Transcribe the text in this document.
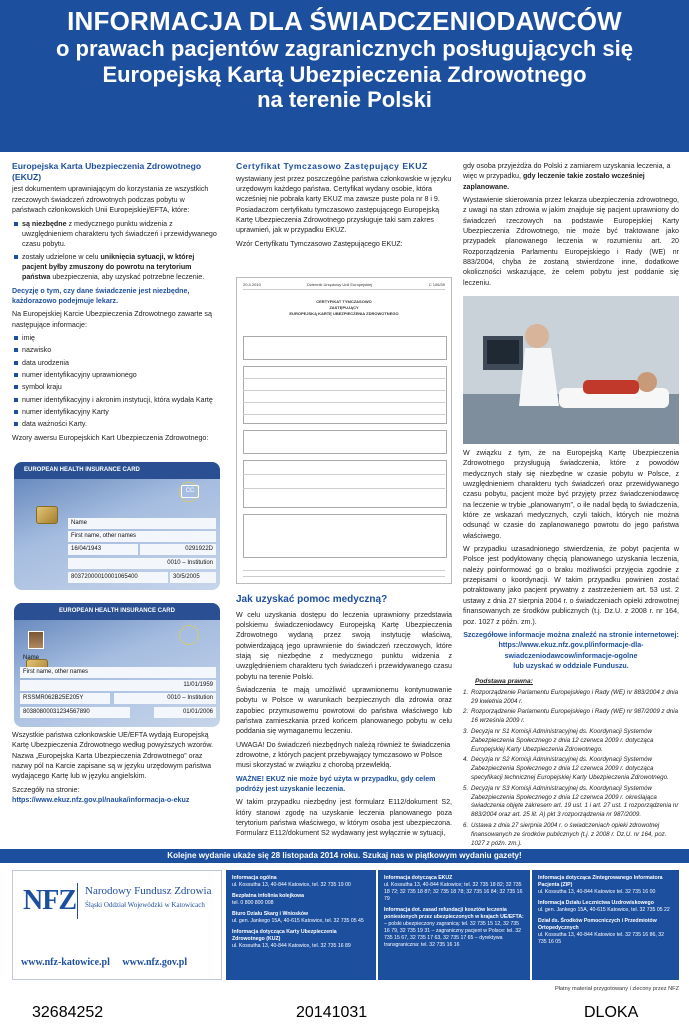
INFORMACJA DLA ŚWIADCZENIODAWCÓW
o prawach pacjentów zagranicznych posługujących się
Europejską Kartą Ubezpieczenia Zdrowotnego
na terenie Polski
Europejska Karta Ubezpieczenia Zdrowotnego (EKUZ)

jest dokumentem uprawniającym do korzystania ze wszystkich rzeczowych świadczeń zdrowotnych podczas pobytu w państwach członkowskich Unii Europejskiej/EFTA, które:

są niezbędne z medycznego punktu widzenia z uwzględnieniem charakteru tych świadczeń i przewidywanego czasu pobytu.
zostały udzielone w celu uniknięcia sytuacji, w której pacjent byłby zmuszony do powrotu na terytorium państwa ubezpieczenia, aby uzyskać potrzebne leczenie.

Decyzję o tym, czy dane świadczenie jest niezbędne, każdorazowo podejmuje lekarz.

Na Europejskiej Karcie Ubezpieczenia Zdrowotnego zawarte są następujące informacje:

imię
nazwisko
data urodzenia
numer identyfikacyjny uprawnionego
symbol kraju
numer identyfikacyjny i akronim instytucji, która wydała Kartę
numer identyfikacyjny Karty
data ważności Karty.

Wzory awersu Europejskich Kart Ubezpieczenia Zdrowotnego:

EUROPEAN HEALTH INSURANCE CARD
CC
Name
First name, other names
16/04/1943	0291922D
0010 – Institution
80372000010001065400	30/5/2005
EUROPEAN HEALTH INSURANCE CARD
Name
First name, other names
11/01/1959
RSSMR062B25E205Y	0010 – Institution
80380800031234567890	01/01/2006

Wszystkie państwa członkowskie UE/EFTA wydają Europejską Kartę Ubezpieczenia Zdrowotnego według powyższych wzorów. Nazwa „Europejska Karta Ubezpieczenia Zdrowotnego” oraz nazwy pól na Karcie zapisane są w języku urzędowym państwa wydającego Kartę lub w języku angielskim.

Szczegóły na stronie:

https://www.ekuz.nfz.gov.pl/nauka/informacja-o-ekuz

Certyfikat Tymczasowo Zastępujący EKUZ

wystawiany jest przez poszczególne państwa członkowskie w języku urzędowym każdego państwa. Certyfikat wydany osobie, która wcześniej nie pobrała karty EKUZ ma zawsze puste pola nr 8 i 9. Posiadaczom certyfikatu tymczasowo zastępującego Europejską Kartę Ubezpieczenia Zdrowotnego przysługuje taki sam zakres uprawnień, jak w przypadku EKUZ.

Wzór Certyfikatu Tymczasowo Zastępującego EKUZ:

20.4.2010	Dziennik Urzędowy Unii Europejskiej	C 106/39
CERTYFIKAT TYMCZASOWO
ZASTĘPUJĄCY
EUROPEJSKĄ KARTĘ UBEZPIECZENIA ZDROWOTNEGO
Jak uzyskać pomoc medyczną?

W celu uzyskania dostępu do leczenia uprawniony przedstawia polskiemu świadczeniodawcy Europejską Kartę Ubezpieczenia Zdrowotnego wydaną przez swoją instytucję właściwą, potwierdzającą jego uprawnienie do świadczeń rzeczowych, które stają się niezbędne z medycznego punktu widzenia z uwzględnieniem charakteru tych świadczeń i przewidywanego czasu pobytu na terenie Polski.

Świadczenia te mają umożliwić uprawnionemu kontynuowanie pobytu w Polsce w warunkach bezpiecznych dla zdrowia oraz zapobiec przymusowemu powrotowi do państwa właściwego lub państwa zamieszkania przed końcem planowanego pobytu w celu poddania się wymaganemu leczeniu.

UWAGA! Do świadczeń niezbędnych należą również te świadczenia zdrowotne, z których pacjent przebywający tymczasowo w Polsce musi skorzystać w związku z chorobą przewlekłą.

WAŻNE! EKUZ nie może być użyta w przypadku, gdy celem podróży jest uzyskanie leczenia.

W takim przypadku niezbędny jest formularz E112/dokument S2, który stanowi zgodę na uzyskanie leczenia planowanego poza terytorium państwa właściwego, w którym osoba jest ubezpieczona. Formularz E112/dokument S2 wydawany jest wyłącznie w sytuacji,

gdy osoba przyjeżdża do Polski z zamiarem uzyskania leczenia, a więc w przypadku, gdy leczenie takie zostało wcześniej zaplanowane.

Wystawienie skierowania przez lekarza ubezpieczenia zdrowotnego, z uwagi na stan zdrowia w jakim znajduje się pacjent uprawniony do świadczeń rzeczowych na podstawie Europejskiej Karty Ubezpieczenia Zdrowotnego, nie może być traktowane jako przypadek planowanego leczenia w rozumieniu art. 20 Rozporządzenia Parlamentu Europejskiego i Rady (WE) nr 883/2004, chyba że zostaną stwierdzone inne, dodatkowe okoliczności wskazujące, że celem pobytu jest poddanie się leczeniu.

W związku z tym, że na Europejską Kartę Ubezpieczenia Zdrowotnego przysługują świadczenia, które z powodów medycznych stały się niezbędne w czasie pobytu w Polsce, z uwzględnieniem charakteru tych świadczeń oraz przewidywanego czasu pobytu, pacjent może być przyjęty przez świadczeniodawcę na leczenie w trybie „planowanym”, o ile nadal będą to świadczenia, które ze wskazań medycznych, czyli takich, których nie można odsunąć w czasie do zaplanowanego powrotu do jego państwa właściwego.

W przypadku uzasadnionego stwierdzenia, że pobyt pacjenta w Polsce jest podyktowany chęcią planowanego uzyskania leczenia, należy poinformować go o braku możliwości przyjęcia zgodnie z przepisami o koordynacji. W takim przypadku powinien zostać potraktowany jako pacjent prywatny z zastrzeżeniem art. 53 ust. 2 ustawy z dnia 27 sierpnia 2004 r. o świadczeniach opieki zdrowotnej finansowanych ze środków publicznych (t.j. Dz.U. z 2008 r. nr 164, poz. 1027 z późn. zm.).

Szczegółowe informacje można znaleźć na stronie internetowej:

https://www.ekuz.nfz.gov.pl/informacje-dla-swiadczeniodawcow/informacje-ogolne

lub uzyskać w oddziale Funduszu.

Podstawa prawna:
1. Rozporządzenie Parlamentu Europejskiego i Rady (WE) nr 883/2004 z dnia 29 kwietnia 2004 r.
2. Rozporządzenie Parlamentu Europejskiego i Rady (WE) nr 987/2009 z dnia 16 września 2009 r.
3. Decyzja nr S1 Komisji Administracyjnej ds. Koordynacji Systemów Zabezpieczenia Społecznego z dnia 12 czerwca 2009 r. dotycząca Europejskiej Karty Ubezpieczenia Zdrowotnego.
4. Decyzja nr S2 Komisji Administracyjnej ds. Koordynacji Systemów Zabezpieczenia Społecznego z dnia 12 czerwca 2009 r. dotycząca specyfikacji technicznej Europejskiej Karty Ubezpieczenia Zdrowotnego.
5. Decyzja nr S3 Komisji Administracyjnej ds. Koordynacji Systemów Zabezpieczenia Społecznego z dnia 12 czerwca 2009 r. określająca świadczenia objęte zakresem art. 19 ust. 1 i art. 27 ust. 1 rozporządzenia nr 883/2004 oraz art. 25 lit. A) pkt 3 rozporządzenia nr 987/2009.
6. Ustawa z dnia 27 sierpnia 2004 r. o świadczeniach opieki zdrowotnej finansowanych ze środków publicznych (t.j. z 2008 r. Dz.U. nr 164, poz. 1027 z późn. zm.).
Kolejne wydanie ukaże się 28 listopada 2014 roku. Szukaj nas w piątkowym wydaniu gazety!
NFZ Narodowy Fundusz Zdrowia
Śląski Oddział Wojewódzki w Katowicach
www.nfz-katowice.pl www.nfz.gov.pl
Informacja ogólna
ul. Kossutha 13, 40-844 Katowice, tel. 32 735 19 00
Bezpłatna infolinia kolejkowa
tel. 0 800 800 008
Biuro Działu Skarg i Wniosków
ul. gen. Jankego 15A, 40-615 Katowice, tel. 32 735 05 45
Informacja dotycząca Karty Ubezpieczenia Zdrowotnego (KUZ)
ul. Kossutha 13, 40-844 Katowice, tel. 32 735 16 89
Informacja dotycząca EKUZ
ul. Kossutha 13, 40-844 Katowice; tel. 32 735 18 82; 32 735 18 72; 32 735 18 87; 32 735 18 78; 32 735 16 84; 32 735 16 79
Informacja dot. zasad refundacji kosztów leczenia poniesionych przez ubezpieczonych w krajach UE/EFTA:
– polski ubezpieczony zagranicą: tel. 32 735 15 12, 32 735 16 79, 32 735 19 31 – zagraniczny pacjent w Polsce: tel. 32 735 15 67, 32 735 17 63, 32 735 17 65 – dyrektywa transgraniczna: tel. 32 735 16 16
Informacja dotycząca Zintegrowanego Informatora Pacjenta (ZIP)
ul. Kossutha 13, 40-844 Katowice tel. 32 735 16 00
Informacja Działu Lecznictwa Uzdrowiskowego
ul. gen. Jankego 15A, 40-615 Katowice, tel. 32 735 05 22
Dział ds. Środków Pomocniczych i Przedmiotów Ortopedycznych
ul. Kossutha 13, 40-844 Katowice tel. 32 735 16 86, 32 735 16 05
Płatny materiał przygotowany i zlecony przez NFZ
32684252	20141031	DLOKA
